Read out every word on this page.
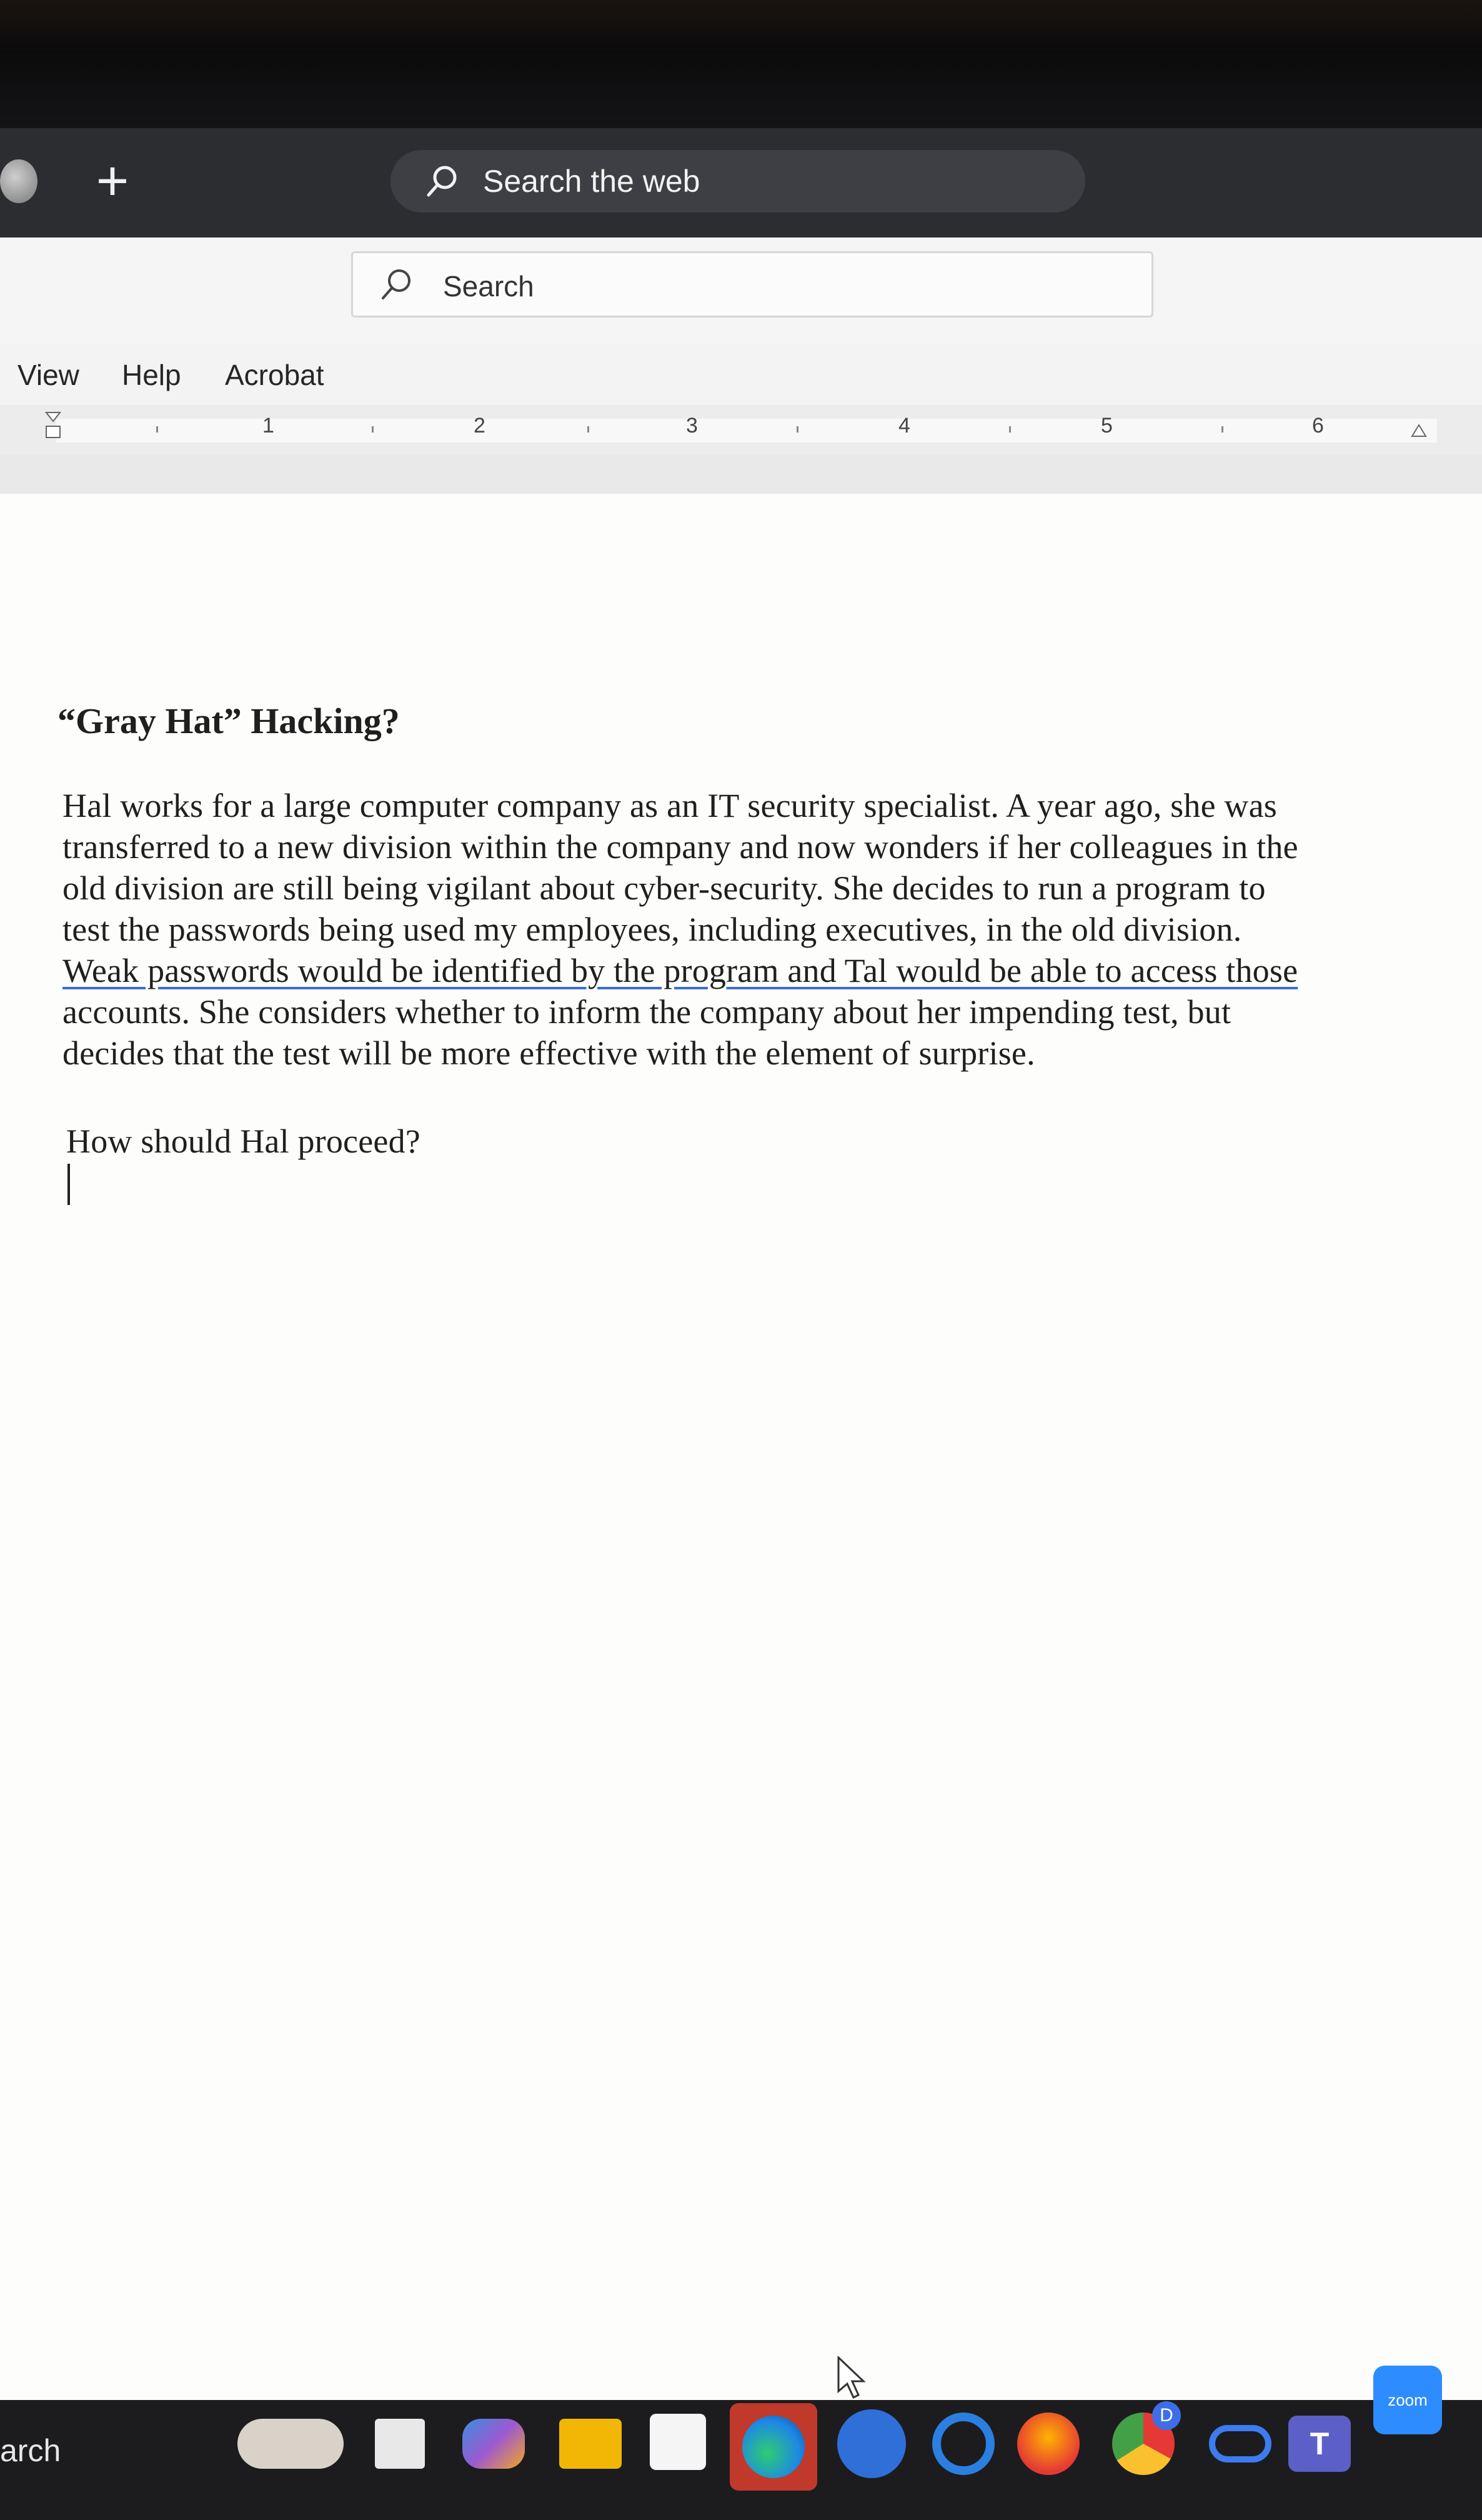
+	Search the web
Search
View Help Acrobat
1	2	3	4	5	6
“Gray Hat” Hacking?
Hal works for a large computer company as an IT security specialist. A year ago, she was
transferred to a new division within the company and now wonders if her colleagues in the
old division are still being vigilant about cyber-security. She decides to run a program to
test the passwords being used my employees, including executives, in the old division.
Weak passwords would be identified by the program and Tal would be able to access those
accounts. She considers whether to inform the company about her impending test, but
decides that the test will be more effective with the element of surprise.
How should Hal proceed?
arch
D
T
zoom
